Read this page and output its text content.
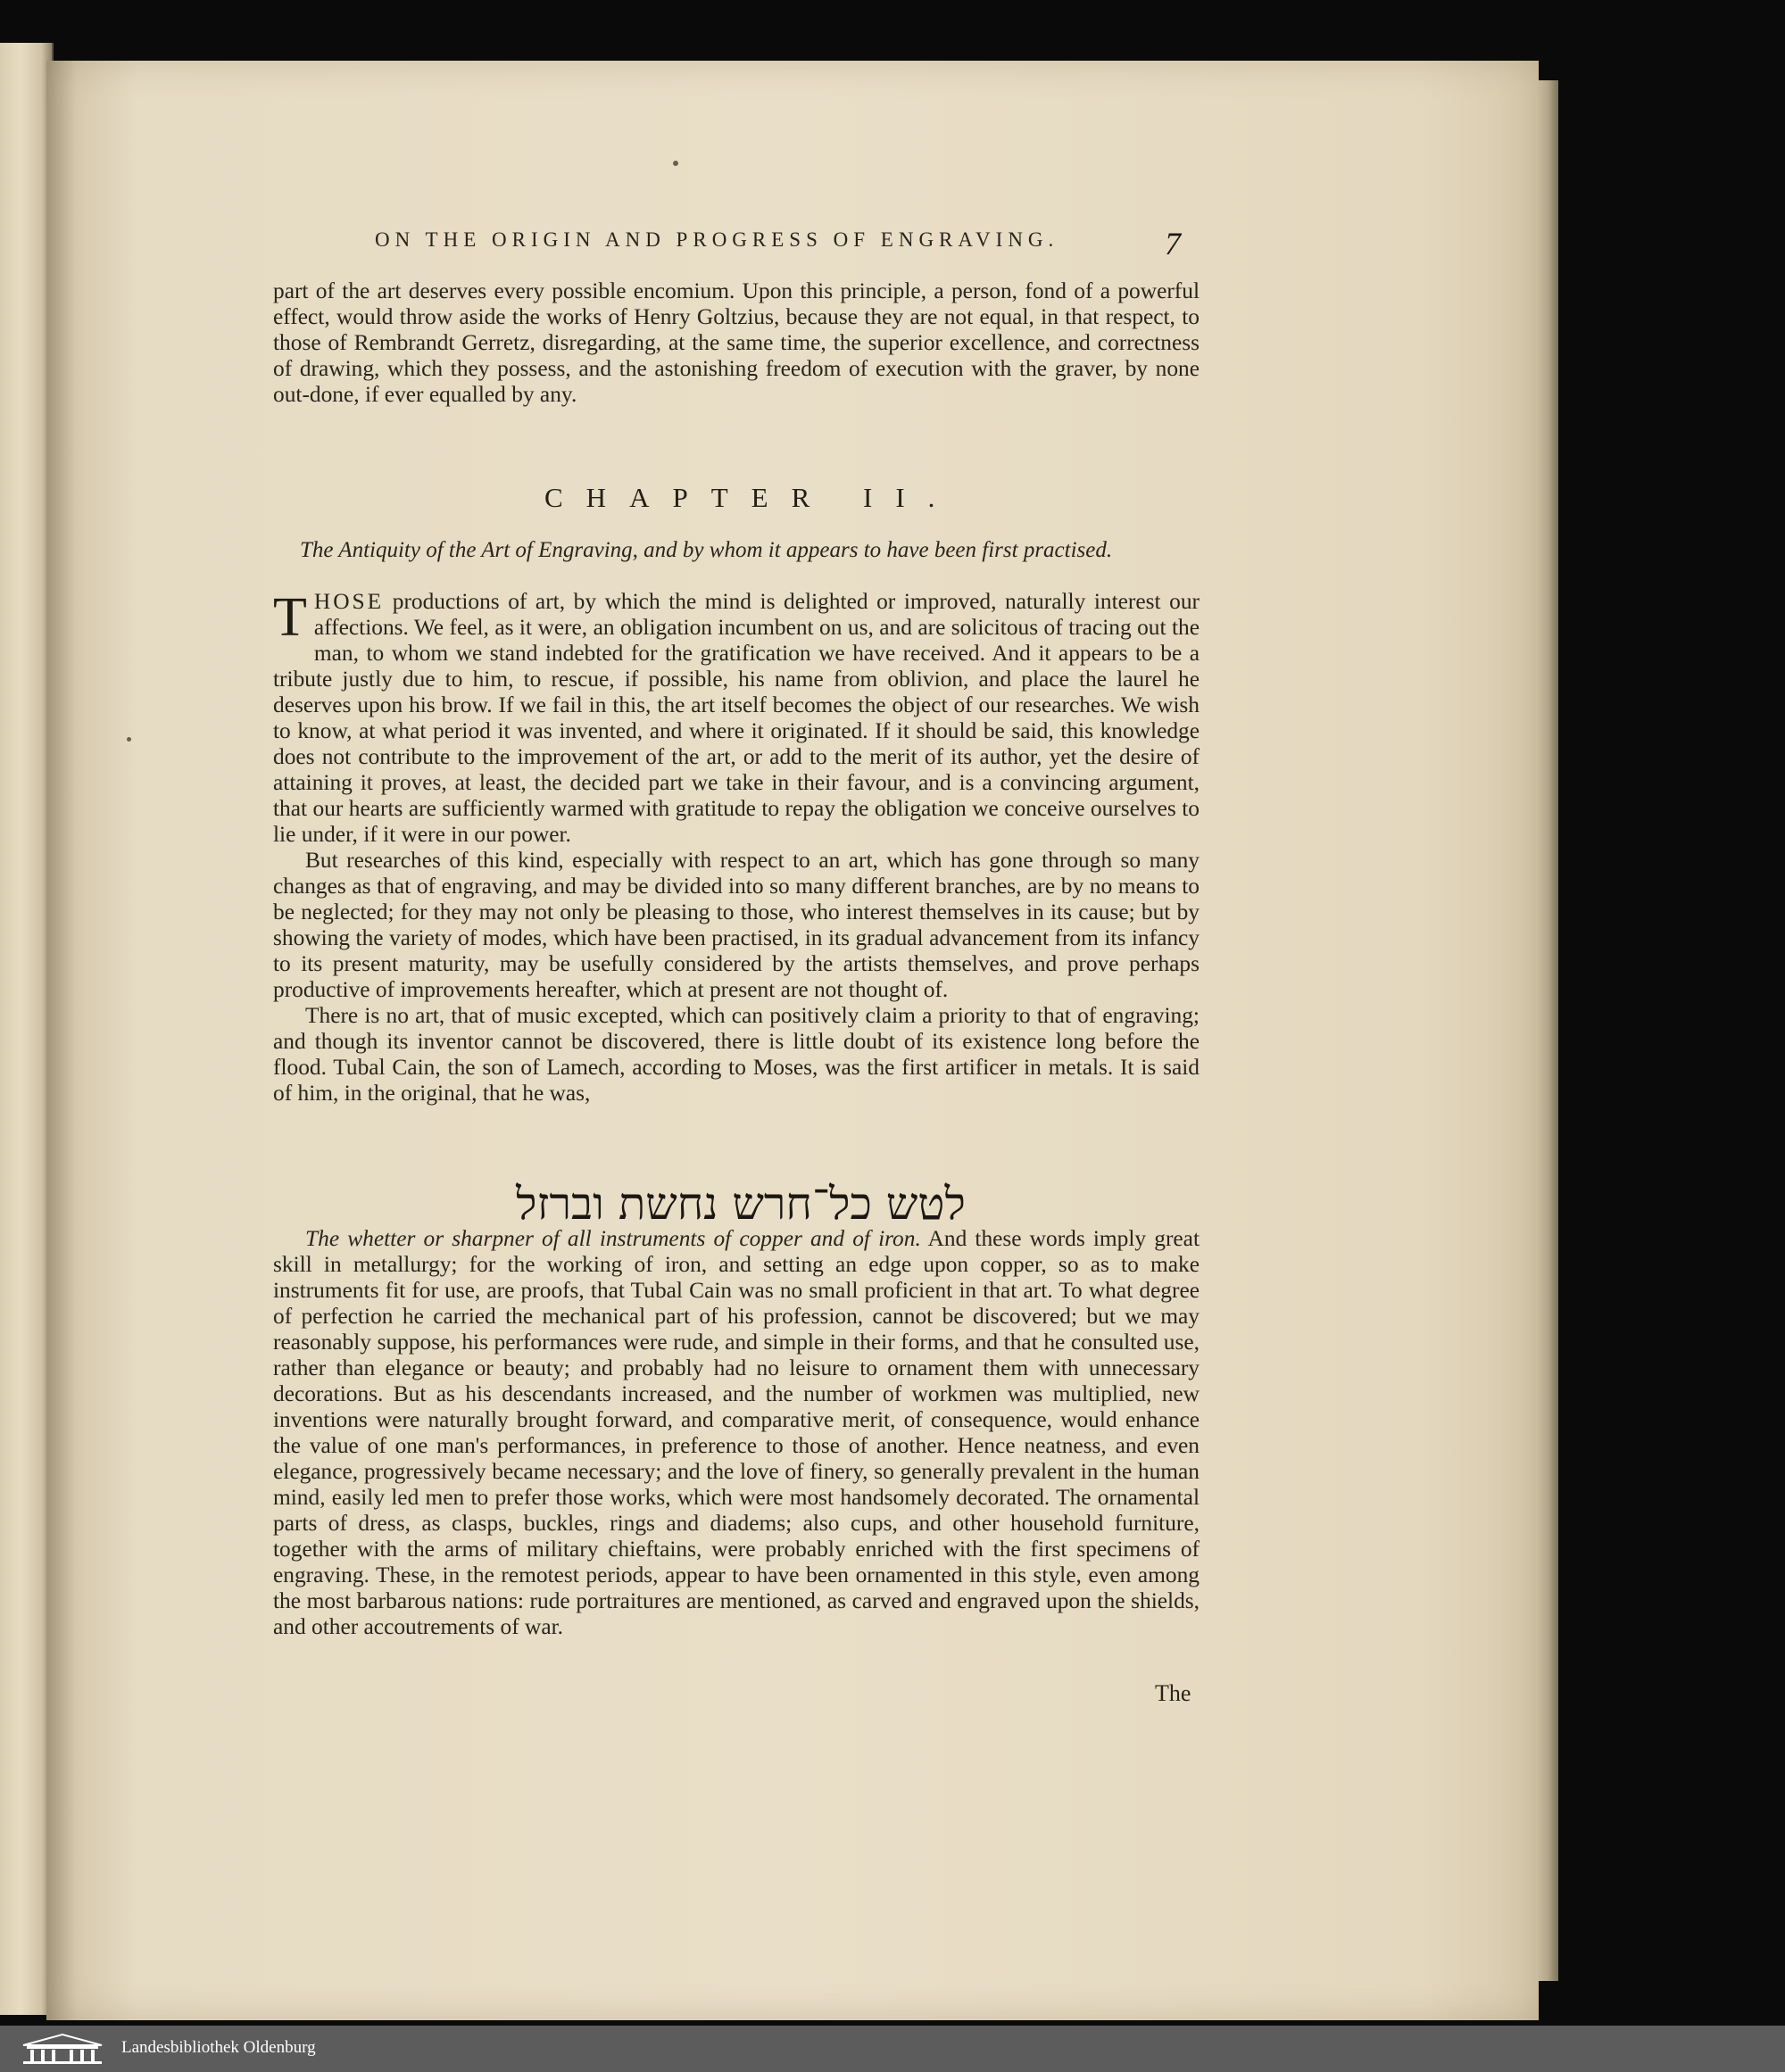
ON THE ORIGIN AND PROGRESS OF ENGRAVING.	7

part of the art deserves every possible encomium. Upon this principle, a person, fond of a powerful effect, would throw aside the works of Henry Goltzius, because they are not equal, in that respect, to those of Rembrandt Gerretz, disregarding, at the same time, the superior excellence, and correctness of drawing, which they possess, and the astonishing freedom of execution with the graver, by none out-done, if ever equalled by any.

CHAPTER II.
The Antiquity of the Art of Engraving, and by whom it appears to have been first practised.

THOSE productions of art, by which the mind is delighted or improved, naturally interest our affections. We feel, as it were, an obligation incumbent on us, and are solicitous of tracing out the man, to whom we stand indebted for the gratification we have received. And it appears to be a tribute justly due to him, to rescue, if possible, his name from oblivion, and place the laurel he deserves upon his brow. If we fail in this, the art itself becomes the object of our researches. We wish to know, at what period it was invented, and where it originated. If it should be said, this knowledge does not contribute to the improvement of the art, or add to the merit of its author, yet the desire of attaining it proves, at least, the decided part we take in their favour, and is a convincing argument, that our hearts are sufficiently warmed with gratitude to repay the obligation we conceive ourselves to lie under, if it were in our power.

But researches of this kind, especially with respect to an art, which has gone through so many changes as that of engraving, and may be divided into so many different branches, are by no means to be neglected; for they may not only be pleasing to those, who interest themselves in its cause; but by showing the variety of modes, which have been practised, in its gradual advancement from its infancy to its present maturity, may be usefully considered by the artists themselves, and prove perhaps productive of improvements hereafter, which at present are not thought of.

There is no art, that of music excepted, which can positively claim a priority to that of engraving; and though its inventor cannot be discovered, there is little doubt of its existence long before the flood. Tubal Cain, the son of Lamech, according to Moses, was the first artificer in metals. It is said of him, in the original, that he was,

לטש כל־חרש נחשת וברזל

The whetter or sharpner of all instruments of copper and of iron. And these words imply great skill in metallurgy; for the working of iron, and setting an edge upon copper, so as to make instruments fit for use, are proofs, that Tubal Cain was no small proficient in that art. To what degree of perfection he carried the mechanical part of his profession, cannot be discovered; but we may reasonably suppose, his performances were rude, and simple in their forms, and that he consulted use, rather than elegance or beauty; and probably had no leisure to ornament them with unnecessary decorations. But as his descendants increased, and the number of workmen was multiplied, new inventions were naturally brought forward, and comparative merit, of consequence, would enhance the value of one man's performances, in preference to those of another. Hence neatness, and even elegance, progressively became necessary; and the love of finery, so generally prevalent in the human mind, easily led men to prefer those works, which were most handsomely decorated. The ornamental parts of dress, as clasps, buckles, rings and diadems; also cups, and other household furniture, together with the arms of military chieftains, were probably enriched with the first specimens of engraving. These, in the remotest periods, appear to have been ornamented in this style, even among the most barbarous nations: rude portraitures are mentioned, as carved and engraved upon the shields, and other accoutrements of war.

The
Landesbibliothek Oldenburg
